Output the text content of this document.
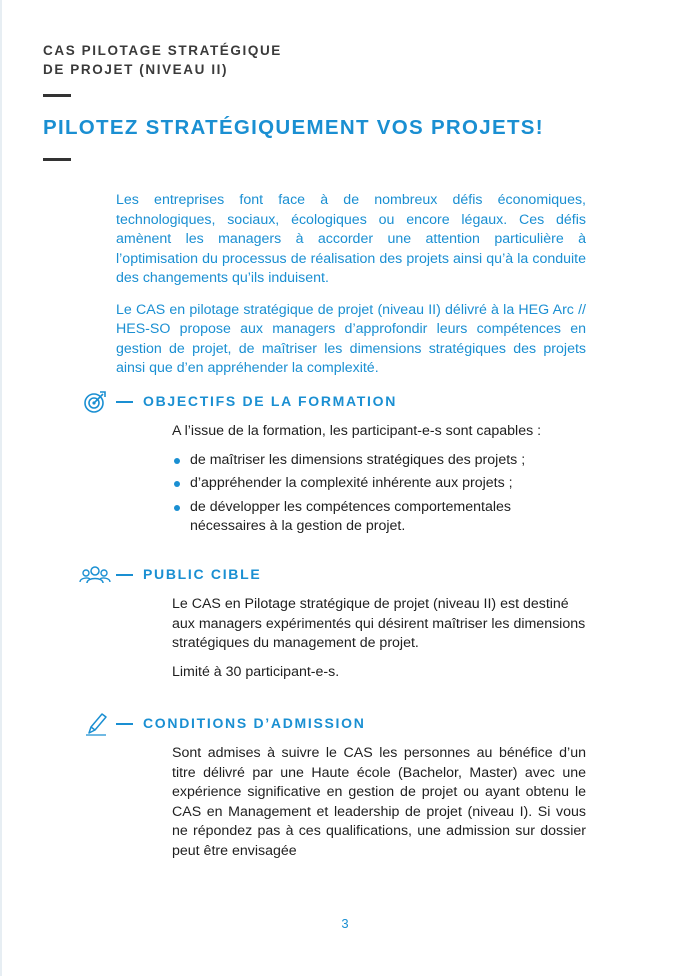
CAS PILOTAGE STRATÉGIQUE
DE PROJET (NIVEAU II)
PILOTEZ STRATÉGIQUEMENT VOS PROJETS!

Les entreprises font face à de nombreux défis économiques, technologiques, sociaux, écologiques ou encore légaux. Ces défis amènent les managers à accorder une attention particulière à l’optimisation du processus de réalisation des projets ainsi qu’à la conduite des changements qu’ils induisent.

Le CAS en pilotage stratégique de projet (niveau II) délivré à la HEG Arc // HES-SO propose aux managers d’approfondir leurs compétences en gestion de projet, de maîtriser les dimensions stratégiques des projets ainsi que d’en appréhender la complexité.

OBJECTIFS DE LA FORMATION

A l’issue de la formation, les participant-e-s sont capables :

de maîtriser les dimensions stratégiques des projets ;
d’appréhender la complexité inhérente aux projets ;
de développer les compétences comportementales nécessaires à la gestion de projet.
PUBLIC CIBLE

Le CAS en Pilotage stratégique de projet (niveau II) est destiné aux managers expérimentés qui désirent maîtriser les dimensions stratégiques du management de projet.

Limité à 30 participant-e-s.

CONDITIONS D’ADMISSION

Sont admises à suivre le CAS les personnes au bénéfice d’un titre délivré par une Haute école (Bachelor, Master) avec une expérience significative en gestion de projet ou ayant obtenu le CAS en Management et leadership de projet (niveau I). Si vous ne répondez pas à ces qualifications, une admission sur dossier peut être envisagée

3
